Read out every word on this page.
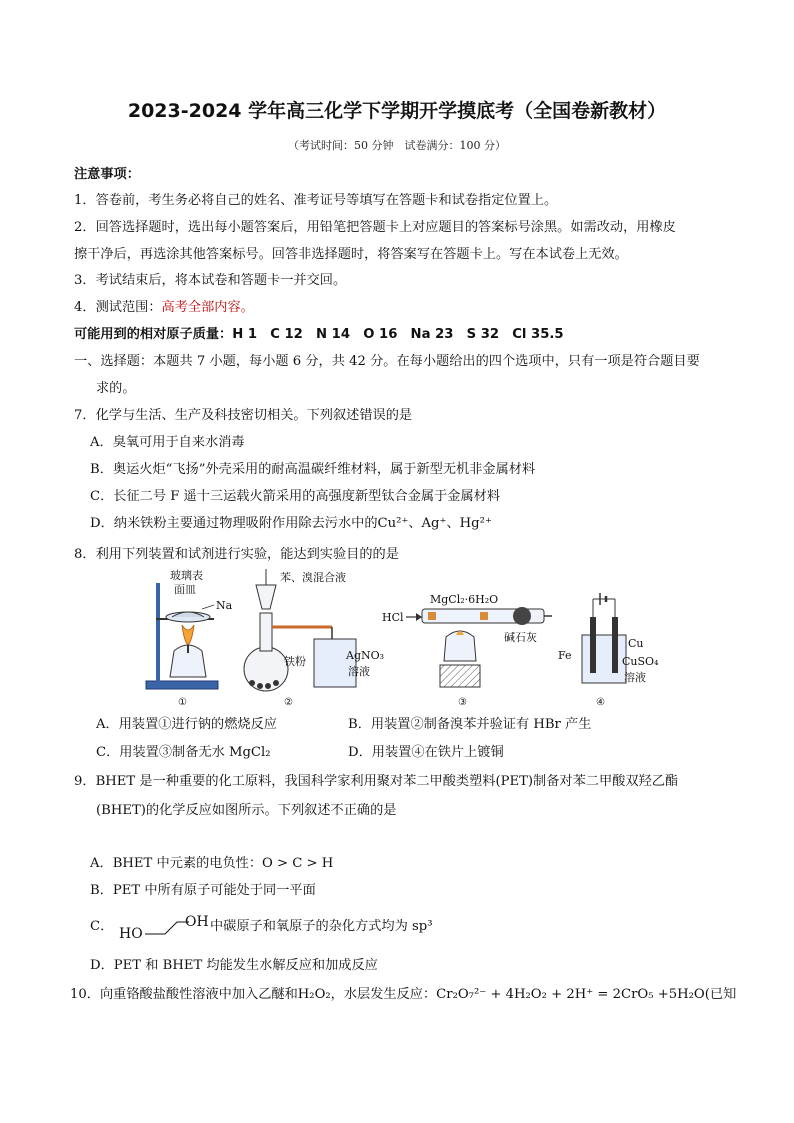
2023-2024 学年高三化学下学期开学摸底考（全国卷新教材）
（考试时间：50 分钟　试卷满分：100 分）
注意事项：
1．答卷前，考生务必将自己的姓名、准考证号等填写在答题卡和试卷指定位置上。
2．回答选择题时，选出每小题答案后，用铅笔把答题卡上对应题目的答案标号涂黑。如需改动，用橡皮
擦干净后，再选涂其他答案标号。回答非选择题时，将答案写在答题卡上。写在本试卷上无效。
3．考试结束后，将本试卷和答题卡一并交回。
4．测试范围：高考全部内容。
可能用到的相对原子质量：H 1　C 12　N 14　O 16　Na 23　S 32　Cl 35.5
一、选择题：本题共 7 小题，每小题 6 分，共 42 分。在每小题给出的四个选项中，只有一项是符合题目要
求的。
7．化学与生活、生产及科技密切相关。下列叙述错误的是
A．臭氧可用于自来水消毒
B．奥运火炬“飞扬”外壳采用的耐高温碳纤维材料，属于新型无机非金属材料
C．长征二号 F 遥十三运载火箭采用的高强度新型钛合金属于金属材料
D．纳米铁粉主要通过物理吸附作用除去污水中的Cu²⁺、Ag⁺、Hg²⁺
8．利用下列装置和试剂进行实验，能达到实验目的的是
玻璃表
面皿
Na
①
苯、溴混合液
铁粉	AgNO₃
溶液
②
HCl
MgCl₂·6H₂O
碱石灰
③
Fe
Cu
CuSO₄
溶液
④
A．用装置①进行钠的燃烧反应	B．用装置②制备溴苯并验证有 HBr 产生
C．用装置③制备无水 MgCl₂	D．用装置④在铁片上镀铜
9．BHET 是一种重要的化工原料，我国科学家利用聚对苯二甲酸类塑料(PET)制备对苯二甲酸双羟乙酯
(BHET)的化学反应如图所示。下列叙述不正确的是
A．BHET 中元素的电负性：O > C > H
B．PET 中所有原子可能处于同一平面
C． HO
OH 中碳原子和氧原子的杂化方式均为 sp³
D．PET 和 BHET 均能发生水解反应和加成反应
10．向重铬酸盐酸性溶液中加入乙醚和H₂O₂，水层发生反应：Cr₂O₇²⁻ + 4H₂O₂ + 2H⁺ = 2CrO₅ +5H₂O(已知
